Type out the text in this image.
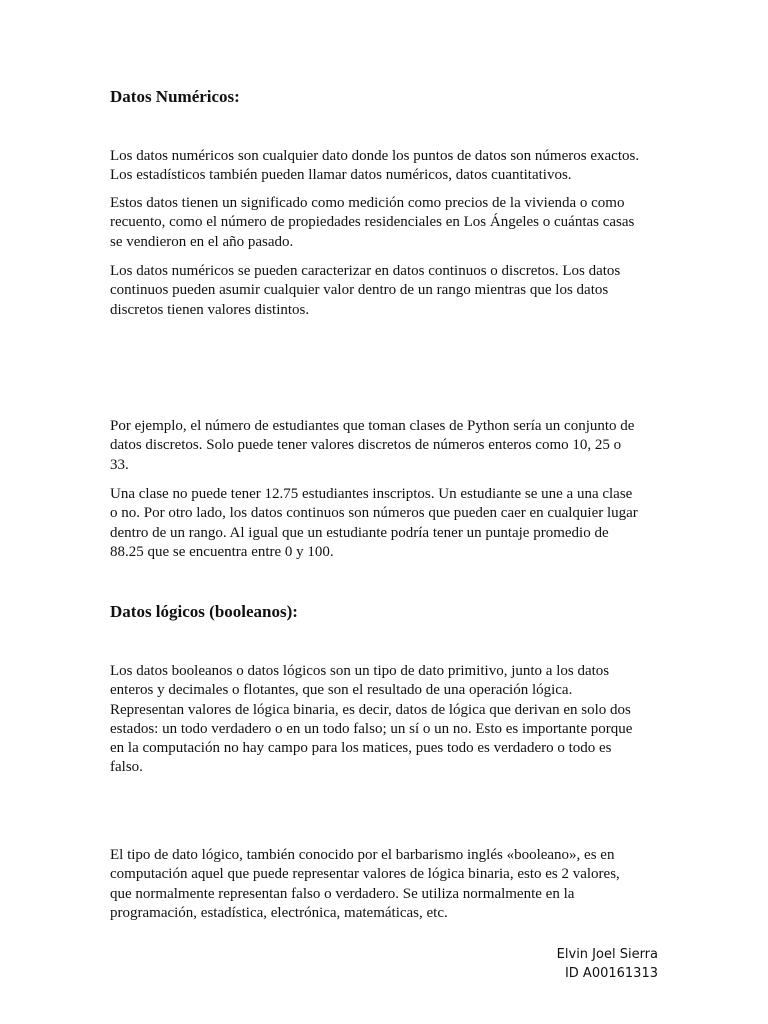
Datos Numéricos:

Los datos numéricos son cualquier dato donde los puntos de datos son números exactos.
Los estadísticos también pueden llamar datos numéricos, datos cuantitativos.

Estos datos tienen un significado como medición como precios de la vivienda o como
recuento, como el número de propiedades residenciales en Los Ángeles o cuántas casas
se vendieron en el año pasado.

Los datos numéricos se pueden caracterizar en datos continuos o discretos. Los datos
continuos pueden asumir cualquier valor dentro de un rango mientras que los datos
discretos tienen valores distintos.

Por ejemplo, el número de estudiantes que toman clases de Python sería un conjunto de
datos discretos. Solo puede tener valores discretos de números enteros como 10, 25 o
33.

Una clase no puede tener 12.75 estudiantes inscriptos. Un estudiante se une a una clase
o no. Por otro lado, los datos continuos son números que pueden caer en cualquier lugar
dentro de un rango. Al igual que un estudiante podría tener un puntaje promedio de
88.25 que se encuentra entre 0 y 100.

Datos lógicos (booleanos):

Los datos booleanos o datos lógicos son un tipo de dato primitivo, junto a los datos
enteros y decimales o flotantes, que son el resultado de una operación lógica.
Representan valores de lógica binaria, es decir, datos de lógica que derivan en solo dos
estados: un todo verdadero o en un todo falso; un sí o un no. Esto es importante porque
en la computación no hay campo para los matices, pues todo es verdadero o todo es
falso.

El tipo de dato lógico, también conocido por el barbarismo inglés «booleano», es en
computación aquel que puede representar valores de lógica binaria, esto es 2 valores,
que normalmente representan falso o verdadero. Se utiliza normalmente en la
programación, estadística, electrónica, matemáticas, etc.

Elvin Joel Sierra
ID A00161313
